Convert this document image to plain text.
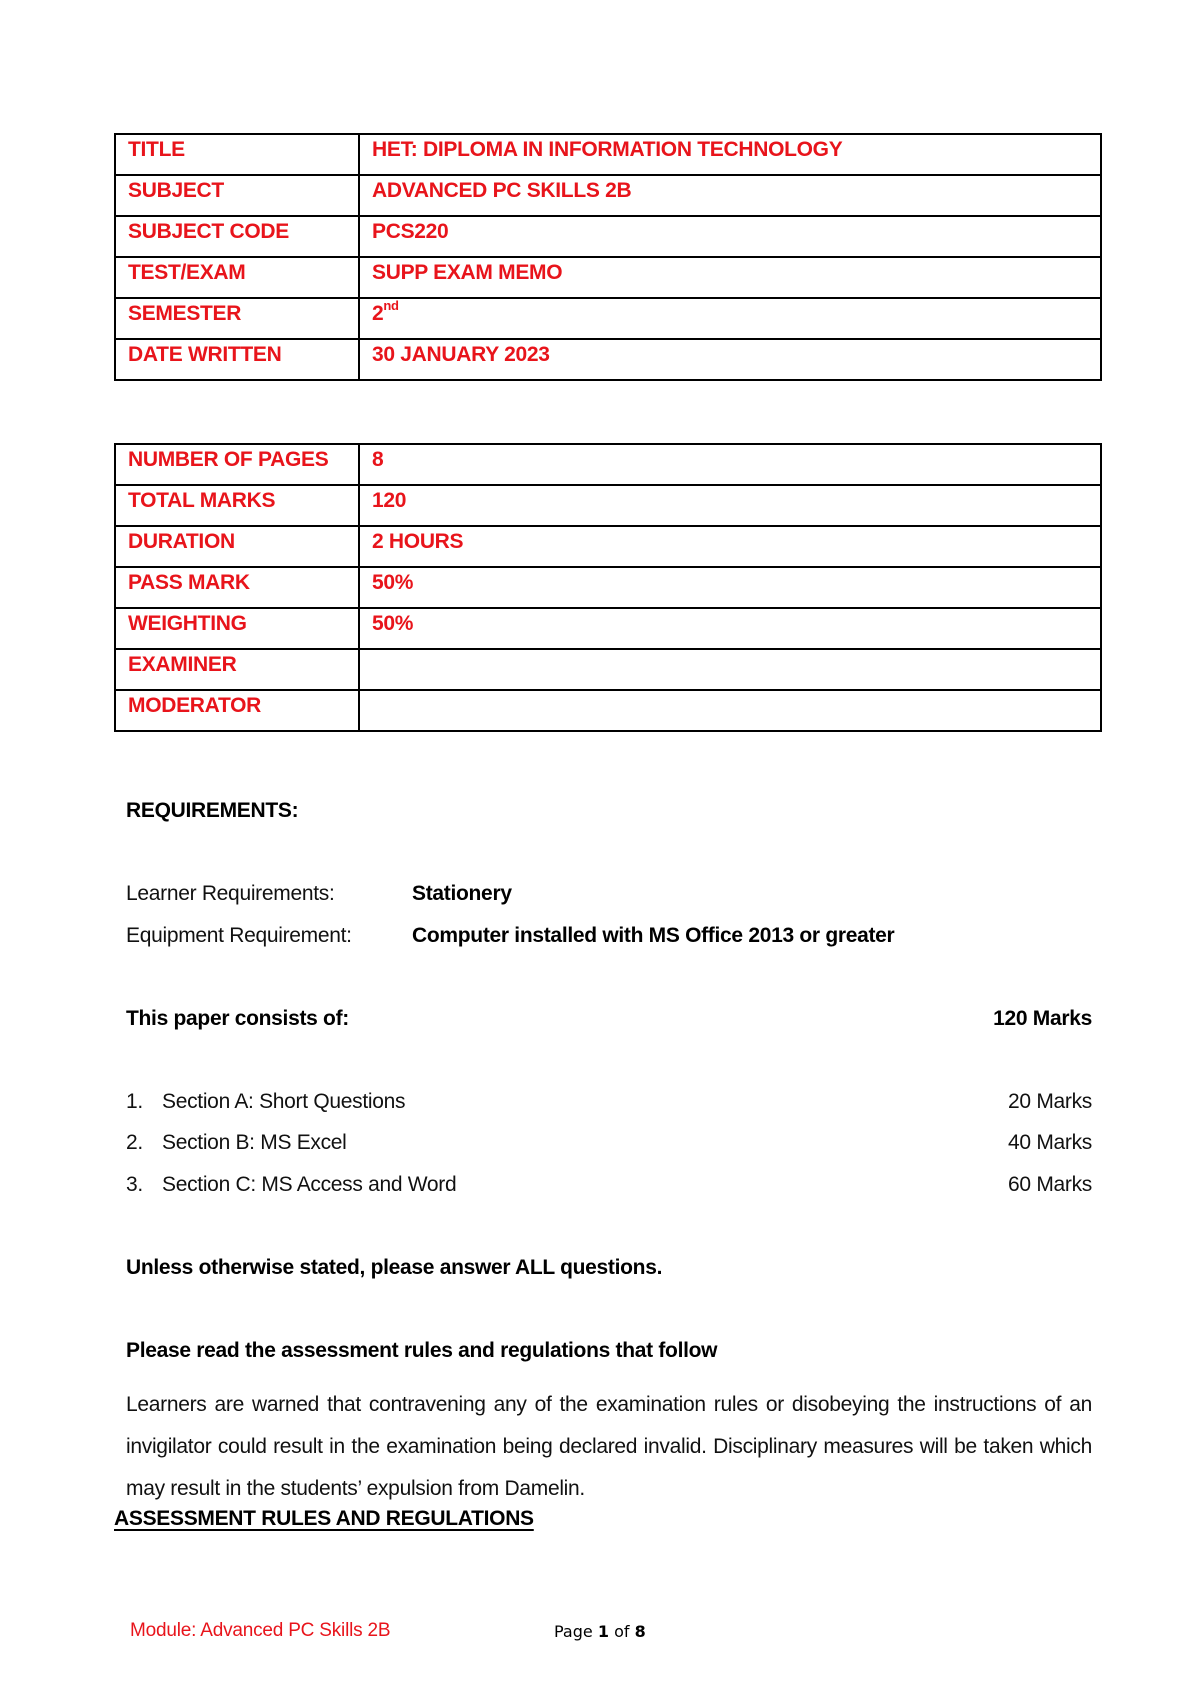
TITLE	HET: DIPLOMA IN INFORMATION TECHNOLOGY
SUBJECT	ADVANCED PC SKILLS 2B
SUBJECT CODE	PCS220
TEST/EXAM	SUPP EXAM MEMO
SEMESTER	2nd
DATE WRITTEN	30 JANUARY 2023
NUMBER OF PAGES	8
TOTAL MARKS	120
DURATION	2 HOURS
PASS MARK	50%
WEIGHTING	50%
EXAMINER	
MODERATOR	
REQUIREMENTS:
Learner Requirements:	Stationery
Equipment Requirement:	Computer installed with MS Office 2013 or greater
This paper consists of:	120 Marks
1. Section A: Short Questions	20 Marks
2. Section B: MS Excel	40 Marks
3. Section C: MS Access and Word	60 Marks
Unless otherwise stated, please answer ALL questions.
Please read the assessment rules and regulations that follow
Learners are warned that contravening any of the examination rules or disobeying the instructions of an invigilator could result in the examination being declared invalid. Disciplinary measures will be taken which may result in the students’ expulsion from Damelin.
ASSESSMENT RULES AND REGULATIONS
Module: Advanced PC Skills 2B	Page 1 of 8
